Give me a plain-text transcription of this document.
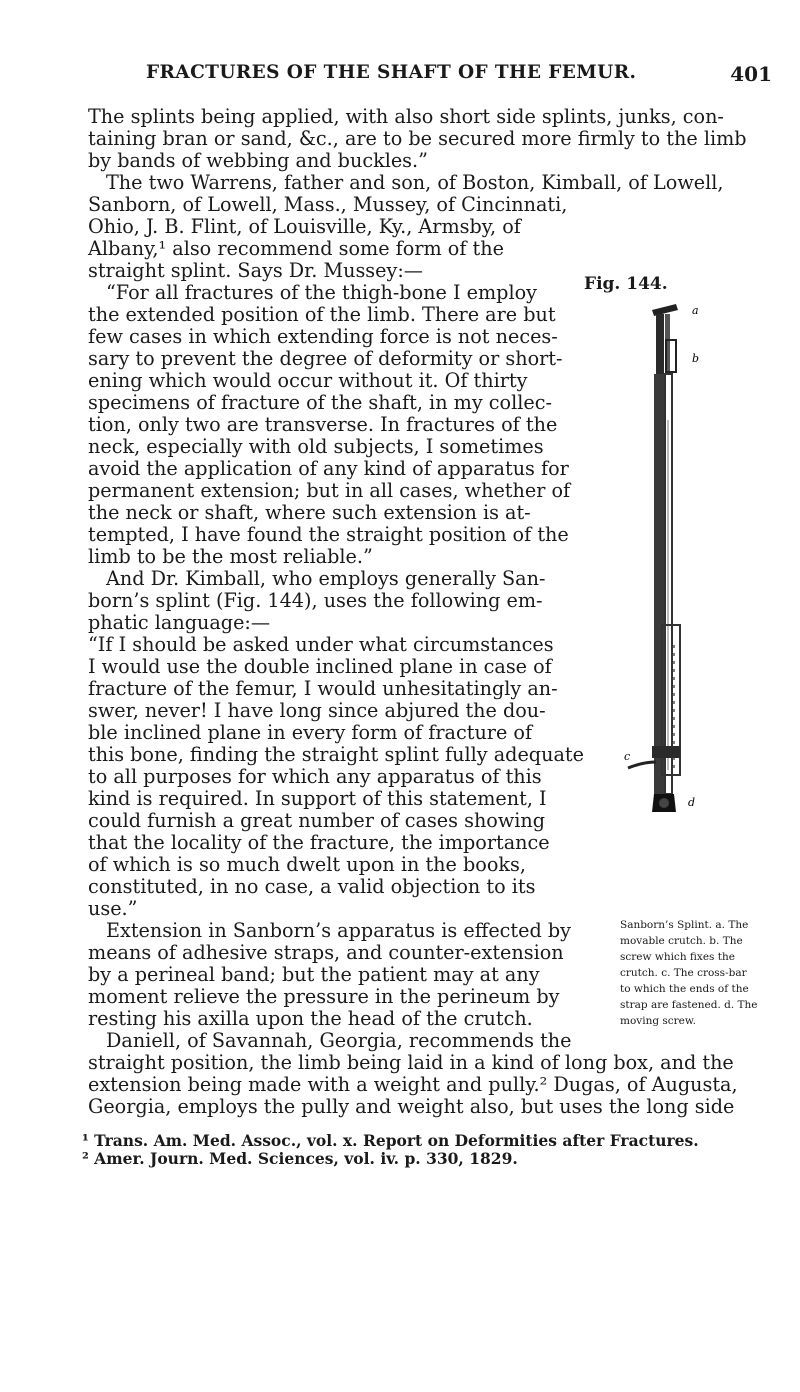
FRACTURES OF THE SHAFT OF THE FEMUR.	401
The splints being applied, with also short side splints, junks, con-
taining bran or sand, &c., are to be secured more firmly to the limb
by bands of webbing and buckles.”
The two Warrens, father and son, of Boston, Kimball, of Lowell,
Sanborn, of Lowell, Mass., Mussey, of Cincinnati,
Ohio, J. B. Flint, of Louisville, Ky., Armsby, of
Albany,¹ also recommend some form of the
straight splint. Says Dr. Mussey:—
“For all fractures of the thigh-bone I employ
the extended position of the limb. There are but
few cases in which extending force is not neces-
sary to prevent the degree of deformity or short-
ening which would occur without it. Of thirty
specimens of fracture of the shaft, in my collec-
tion, only two are transverse. In fractures of the
neck, especially with old subjects, I sometimes
avoid the application of any kind of apparatus for
permanent extension; but in all cases, whether of
the neck or shaft, where such extension is at-
tempted, I have found the straight position of the
limb to be the most reliable.”
And Dr. Kimball, who employs generally San-
born’s splint (Fig. 144), uses the following em-
phatic language:—
“If I should be asked under what circumstances
I would use the double inclined plane in case of
fracture of the femur, I would unhesitatingly an-
swer, never! I have long since abjured the dou-
ble inclined plane in every form of fracture of
this bone, finding the straight splint fully adequate
to all purposes for which any apparatus of this
kind is required. In support of this statement, I
could furnish a great number of cases showing
that the locality of the fracture, the importance
of which is so much dwelt upon in the books,
constituted, in no case, a valid objection to its
use.”
Extension in Sanborn’s apparatus is effected by
means of adhesive straps, and counter-extension
by a perineal band; but the patient may at any
moment relieve the pressure in the perineum by
resting his axilla upon the head of the crutch.
Daniell, of Savannah, Georgia, recommends the
straight position, the limb being laid in a kind of long box, and the
extension being made with a weight and pully.² Dugas, of Augusta,
Georgia, employs the pully and weight also, but uses the long side
Fig. 144.
a
b
c
d
Sanborn’s Splint. a. The
movable crutch. b. The
screw which fixes the
crutch. c. The cross-bar
to which the ends of the
strap are fastened. d. The
moving screw.
¹ Trans. Am. Med. Assoc., vol. x. Report on Deformities after Fractures.
² Amer. Journ. Med. Sciences, vol. iv. p. 330, 1829.
